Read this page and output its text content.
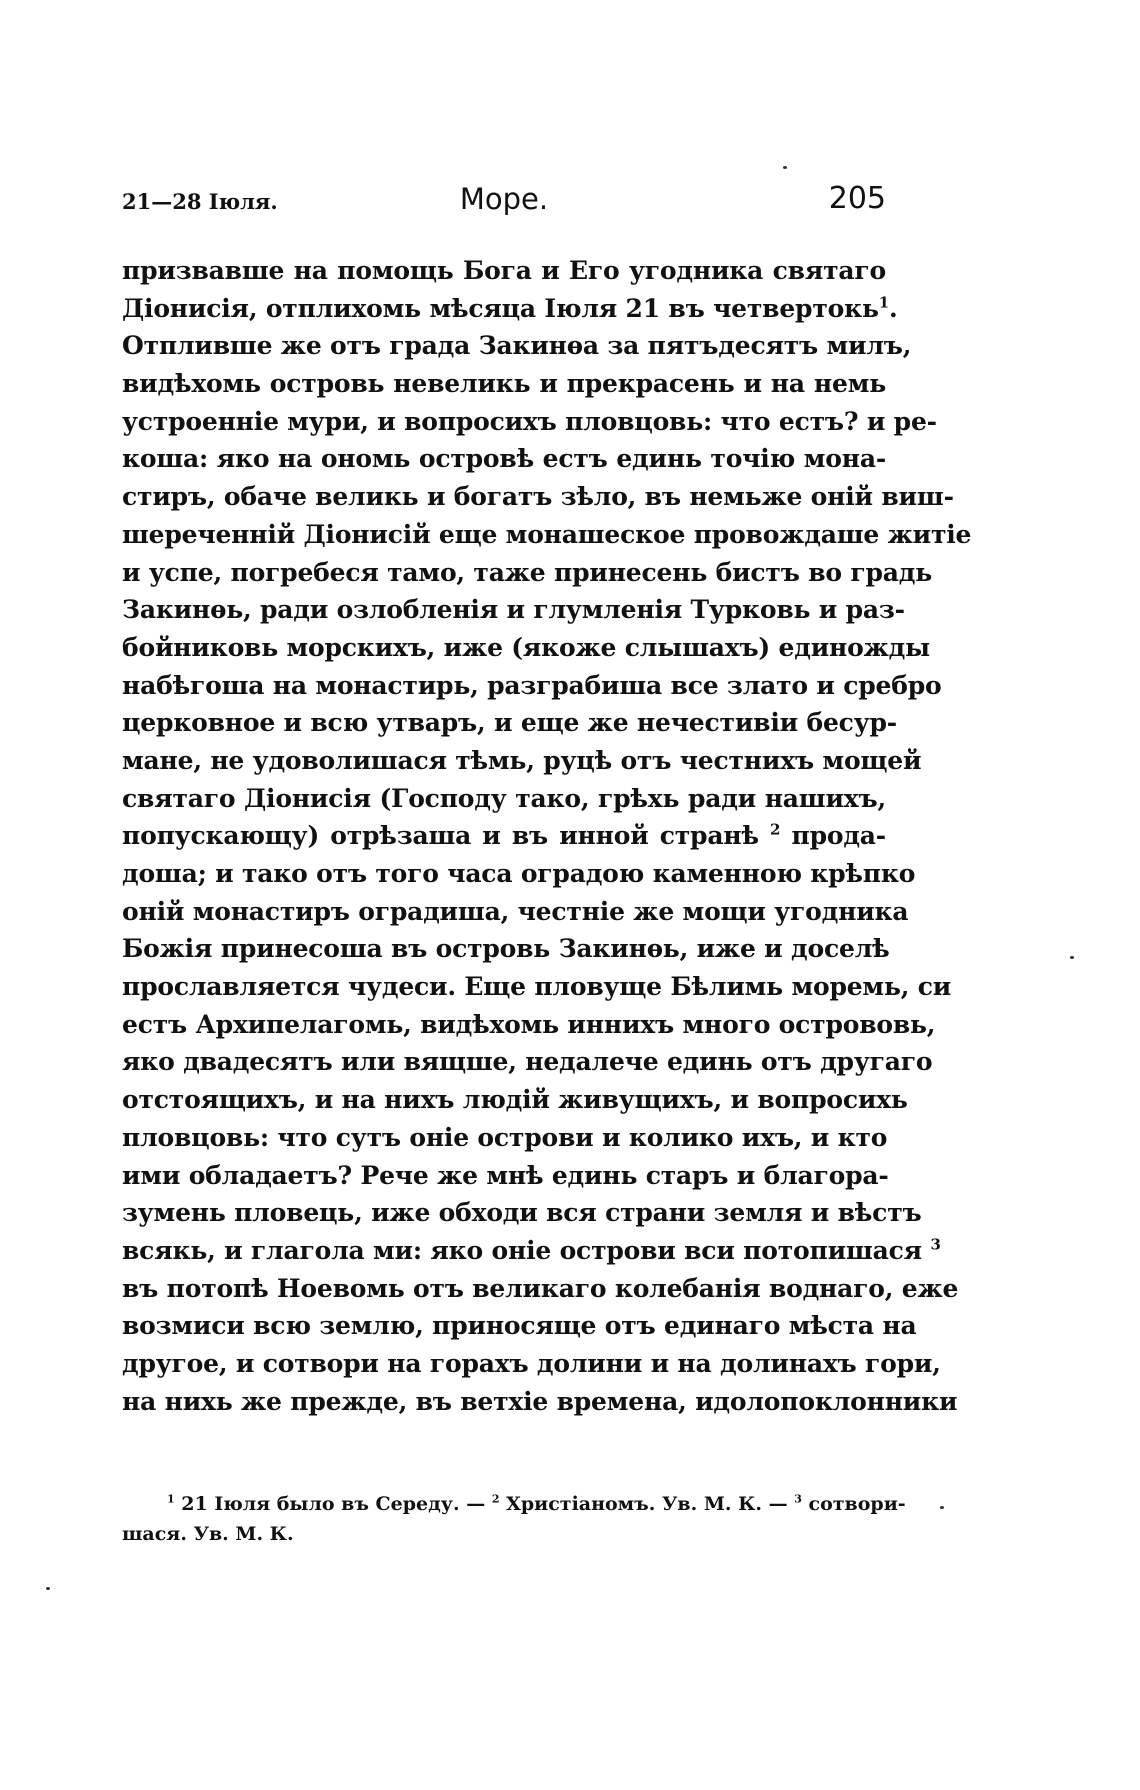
21—28 Іюля.	Море.	205
призвавше на помощь Бога и Его угодника святаго
Діонисія, отплихомь мѣсяца Іюля 21 въ четвертокь$^1$.
Отпливше же отъ града Закинѳа за пятъдесятъ милъ,
видѣхомь островь невеликь и прекрасень и на немь
устроенніе мури, и вопросихъ пловцовь: что естъ? и ре-
коша: яко на ономь островѣ естъ единь точію мона-
стиръ, обаче великь и богатъ зѣло, въ немьже оній виш-
шереченній Діонисій еще монашеское провождаше житіе
и успе, погребеся тамо, таже принесень бистъ во градь
Закинѳь, ради озлобленія и глумленія Турковь и раз-
бойниковь морскихъ, иже (якоже слышахъ) единожды
набѣгоша на монастирь, разграбиша все злато и сребро
церковное и всю утваръ, и еще же нечестивіи бесур-
мане, не удоволишася тѣмь, руцѣ отъ честнихъ мощей
святаго Діонисія (Господу тако, грѣхь ради нашихъ,
попускающу) отрѣзаша и въ инной странѣ $^2$ прода-
доша; и тако отъ того часа оградою каменною крѣпко
оній монастиръ оградиша, честніе же мощи угодника
Божія принесоша въ островь Закинѳь, иже и доселѣ
прославляется чудеси. Еще пловуще Бѣлимь моремь, си
естъ Архипелагомь, видѣхомь иннихъ много острововь,
яко двадесятъ или вящше, недалече единь отъ другаго
отстоящихъ, и на нихъ людій живущихъ, и вопросихь
пловцовь: что сутъ оніе острови и колико ихъ, и кто
ими обладаетъ? Рече же мнѣ единь старъ и благора-
зумень пловець, иже обходи вся страни земля и вѣстъ
всякь, и глагола ми: яко оніе острови вси потопишася $^3$
въ потопѣ Ноевомь отъ великаго колебанія воднаго, еже
возмиси всю землю, приносяще отъ единаго мѣста на
другое, и сотвори на горахъ долини и на долинахъ гори,
на нихь же прежде, въ ветхіе времена, идолопоклонники
$^1$ 21 Іюля было въ Середу. — $^2$ Христіаномъ. Ув. М. К. — $^3$ сотвори-
шася. Ув. М. К.
